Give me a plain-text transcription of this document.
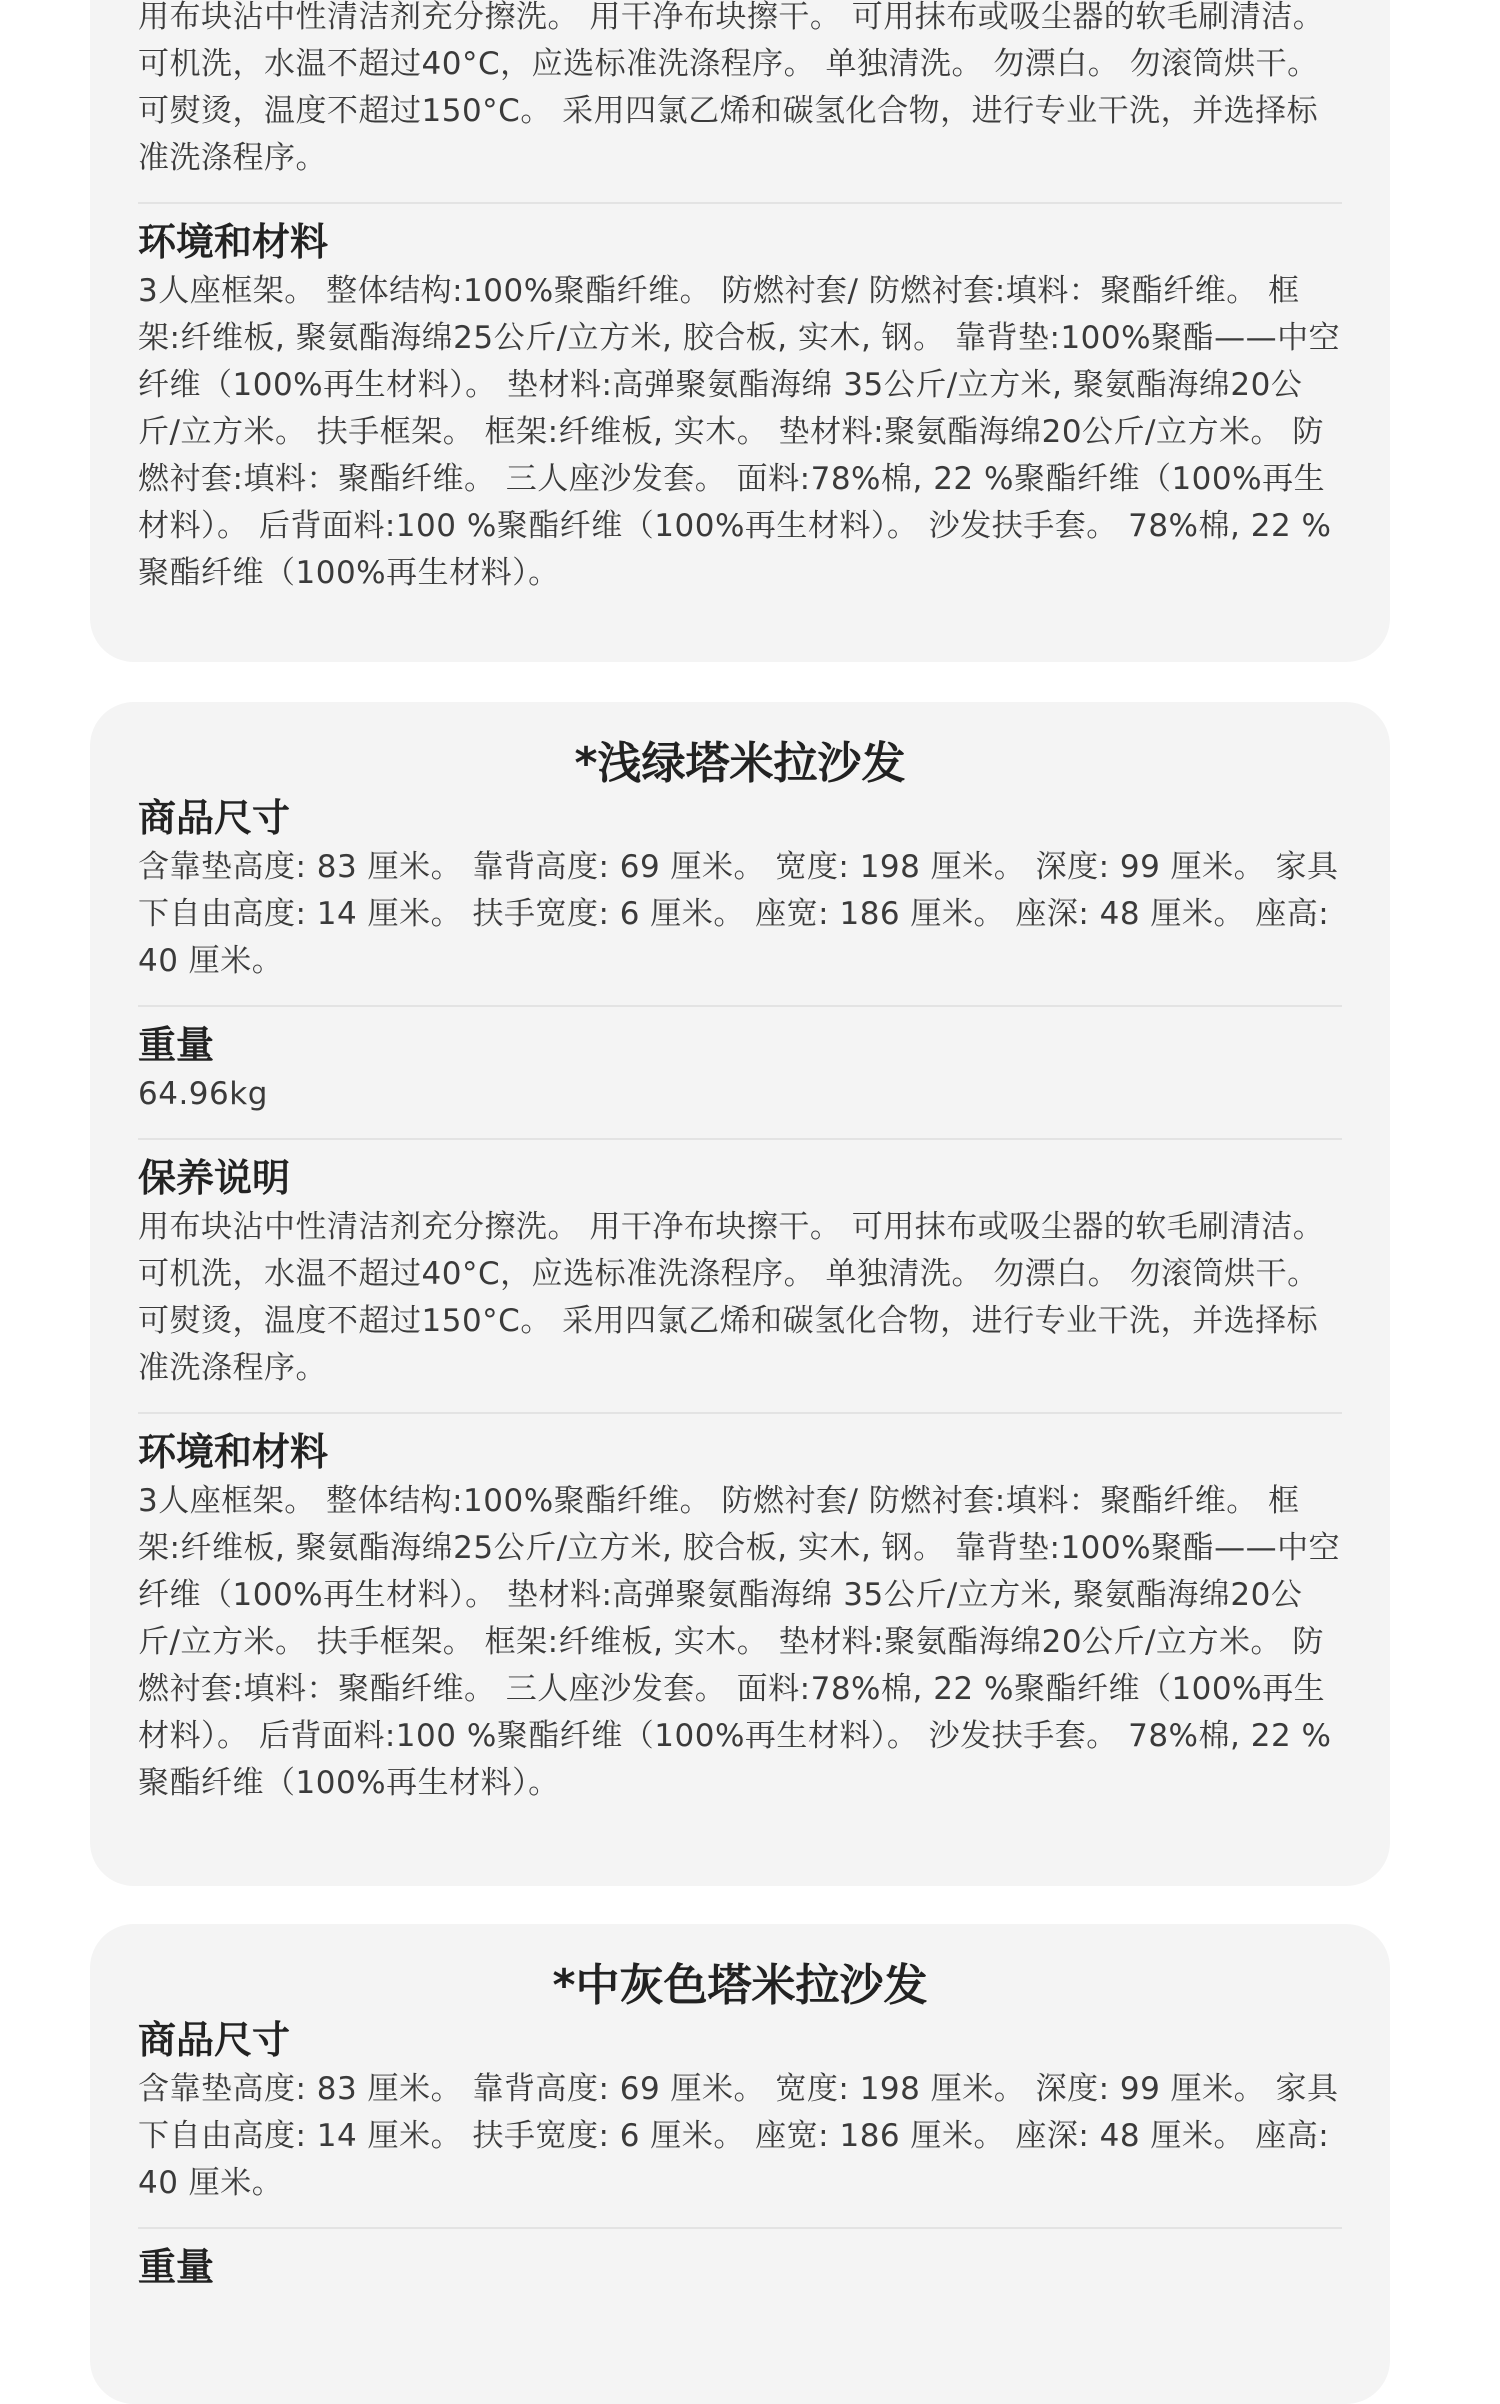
用布块沾中性清洁剂充分擦洗。 用干净布块擦干。 可用抹布或吸尘器的软毛刷清洁。 可机洗，水温不超过40°C，应选标准洗涤程序。 单独清洗。 勿漂白。 勿滚筒烘干。 可熨烫，温度不超过150°C。 采用四氯乙烯和碳氢化合物，进行专业干洗，并选择标准洗涤程序。

环境和材料

3人座框架。 整体结构:100%聚酯纤维。 防燃衬套/ 防燃衬套:填料：聚酯纤维。 框架:纤维板, 聚氨酯海绵25公斤/立方米, 胶合板, 实木, 钢。 靠背垫:100%聚酯——中空纤维（100%再生材料）。 垫材料:高弹聚氨酯海绵 35公斤/立方米, 聚氨酯海绵20公斤/立方米。 扶手框架。 框架:纤维板, 实木。 垫材料:聚氨酯海绵20公斤/立方米。 防燃衬套:填料：聚酯纤维。 三人座沙发套。 面料:78%棉, 22 %聚酯纤维（100%再生材料）。 后背面料:100 %聚酯纤维（100%再生材料）。 沙发扶手套。 78%棉, 22 %聚酯纤维（100%再生材料）。

*浅绿塔米拉沙发
商品尺寸

含靠垫高度: 83 厘米。 靠背高度: 69 厘米。 宽度: 198 厘米。 深度: 99 厘米。 家具下自由高度: 14 厘米。 扶手宽度: 6 厘米。 座宽: 186 厘米。 座深: 48 厘米。 座高: 40 厘米。

重量

64.96kg

保养说明

用布块沾中性清洁剂充分擦洗。 用干净布块擦干。 可用抹布或吸尘器的软毛刷清洁。 可机洗，水温不超过40°C，应选标准洗涤程序。 单独清洗。 勿漂白。 勿滚筒烘干。 可熨烫，温度不超过150°C。 采用四氯乙烯和碳氢化合物，进行专业干洗，并选择标准洗涤程序。

环境和材料

3人座框架。 整体结构:100%聚酯纤维。 防燃衬套/ 防燃衬套:填料：聚酯纤维。 框架:纤维板, 聚氨酯海绵25公斤/立方米, 胶合板, 实木, 钢。 靠背垫:100%聚酯——中空纤维（100%再生材料）。 垫材料:高弹聚氨酯海绵 35公斤/立方米, 聚氨酯海绵20公斤/立方米。 扶手框架。 框架:纤维板, 实木。 垫材料:聚氨酯海绵20公斤/立方米。 防燃衬套:填料：聚酯纤维。 三人座沙发套。 面料:78%棉, 22 %聚酯纤维（100%再生材料）。 后背面料:100 %聚酯纤维（100%再生材料）。 沙发扶手套。 78%棉, 22 %聚酯纤维（100%再生材料）。

*中灰色塔米拉沙发
商品尺寸

含靠垫高度: 83 厘米。 靠背高度: 69 厘米。 宽度: 198 厘米。 深度: 99 厘米。 家具下自由高度: 14 厘米。 扶手宽度: 6 厘米。 座宽: 186 厘米。 座深: 48 厘米。 座高: 40 厘米。

重量
